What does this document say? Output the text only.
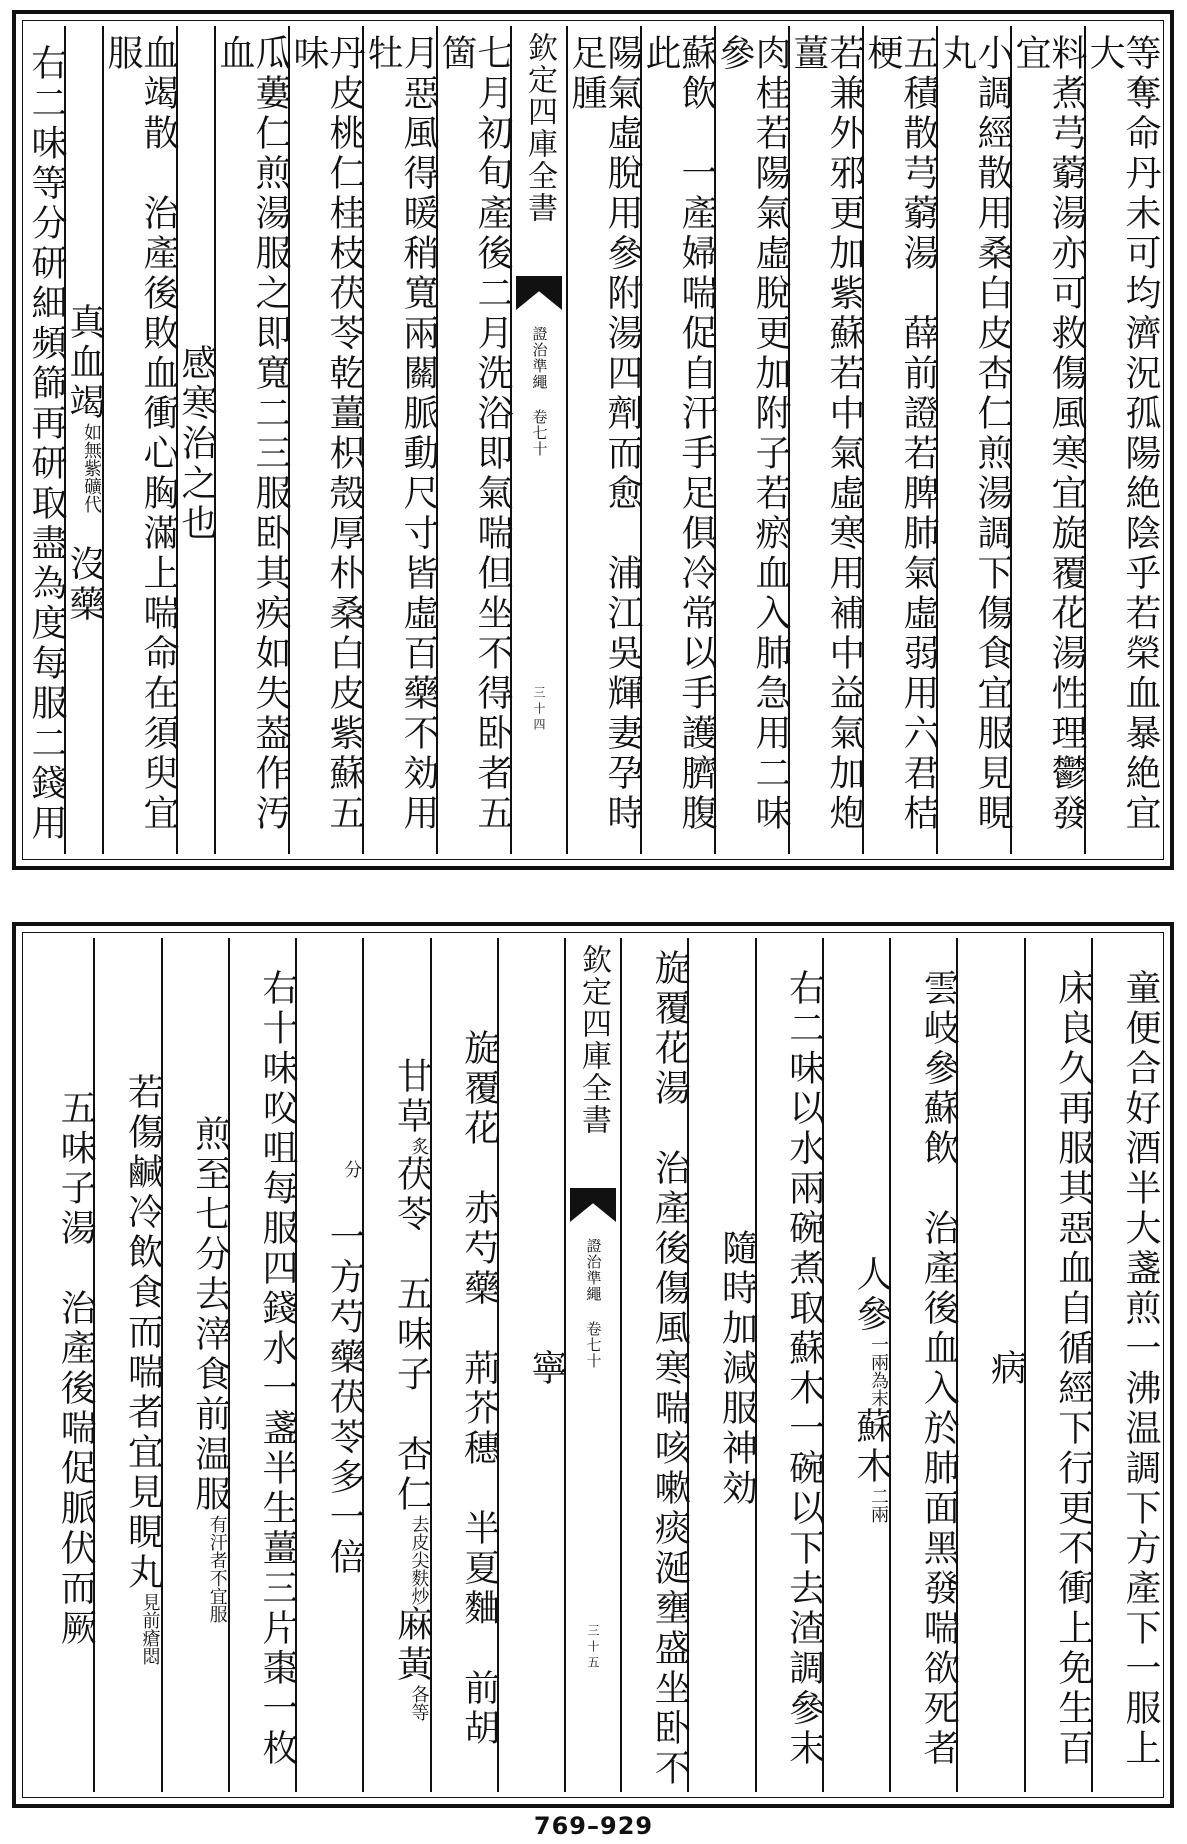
等奪命丹未可均濟況孤陽絶陰乎若榮血暴絶宜大
料煮芎藭湯亦可救傷風寒宜旋覆花湯性理鬱發宜
小調經散用桑白皮杏仁煎湯調下傷食宜服見睍丸
五積散芎藭湯　薛前證若脾肺氣虛弱用六君桔梗
若兼外邪更加紫蘇若中氣虛寒用補中益氣加炮薑
肉桂若陽氣虛脫更加附子若瘀血入肺急用二味參
蘇飲　一產婦喘促自汗手足俱冷常以手護臍腹此
陽氣虛脫用參附湯四劑而愈　浦江吳輝妻孕時足腫
欽定四庫全書
證治準繩 卷七十
三十四
七月初旬產後二月洗浴即氣喘但坐不得卧者五箇
月惡風得暖稍寬兩關脈動尺寸皆虛百藥不効用牡
丹皮桃仁桂枝茯苓乾薑枳殼厚朴桑白皮紫蘇五味
瓜蔞仁煎湯服之即寬二三服卧其疾如失葢作汚血
感寒治之也
血竭散　治產後敗血衝心胸滿上喘命在須臾宜服
　真血竭
如無紫礦代
沒藥
右二味等分研細頻篩再研取盡為度每服二錢用
童便合好酒半大盞煎一沸温調下方產下一服上
床良久再服其惡血自循經下行更不衝上免生百
病
雲岐參蘇飲　治產後血入於肺面黑發喘欲死者
　人參
一兩為末
蘇木
二兩
右二味以水兩碗煮取蘇木一碗以下去渣調參末
隨時加減服神効
旋覆花湯　治產後傷風寒喘咳嗽痰涎壅盛坐卧不
欽定四庫全書
證治準繩 卷七十
三十五
寧
　旋覆花　赤芍藥　荊芥穗　半夏麯　前胡
　甘草
炙
茯苓　五味子　杏仁
去皮尖麩炒
麻黃
各等
分
　一方芍藥茯苓多一倍
右十味㕮咀每服四錢水一盞半生薑三片棗一枚
煎至七分去滓食前温服
有汗者不宜服
若傷鹹冷飲食而喘者宜見睍丸
見前瘡悶
五味子湯　治產後喘促脈伏而厥
769–929
